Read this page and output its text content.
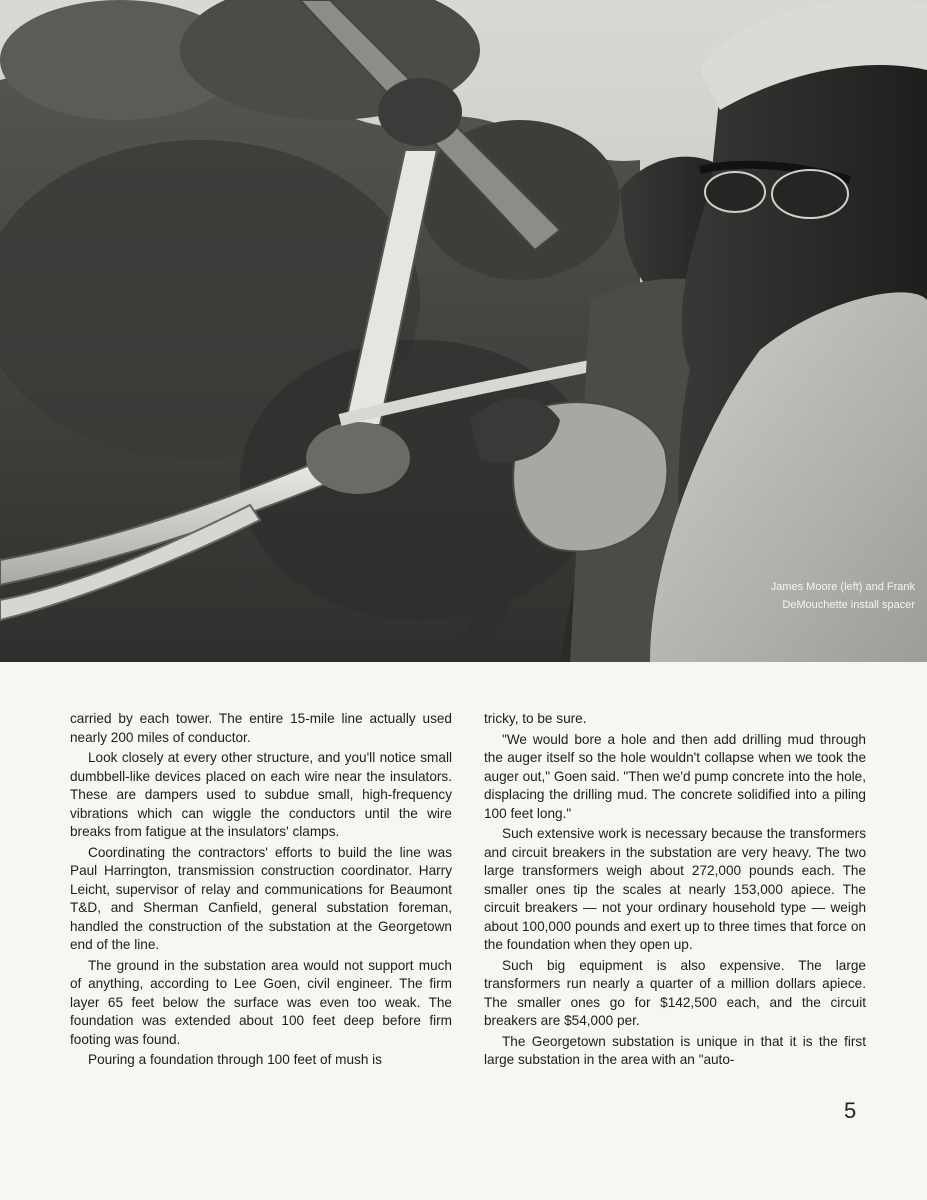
James Moore (left) and Frank
DeMouchette install spacer

carried by each tower. The entire 15-mile line actually used nearly 200 miles of conductor.

Look closely at every other structure, and you'll notice small dumbbell-like devices placed on each wire near the insulators. These are dampers used to subdue small, high-frequency vibrations which can wiggle the conductors until the wire breaks from fatigue at the insulators' clamps.

Coordinating the contractors' efforts to build the line was Paul Harrington, transmission construction coordinator. Harry Leicht, supervisor of relay and communications for Beaumont T&D, and Sherman Canfield, general substation foreman, handled the construction of the substation at the Georgetown end of the line.

The ground in the substation area would not support much of anything, according to Lee Goen, civil engineer. The firm layer 65 feet below the surface was even too weak. The foundation was extended about 100 feet deep before firm footing was found.

Pouring a foundation through 100 feet of mush is

tricky, to be sure.

"We would bore a hole and then add drilling mud through the auger itself so the hole wouldn't collapse when we took the auger out," Goen said. "Then we'd pump concrete into the hole, displacing the drilling mud. The concrete solidified into a piling 100 feet long."

Such extensive work is necessary because the transformers and circuit breakers in the substation are very heavy. The two large transformers weigh about 272,000 pounds each. The smaller ones tip the scales at nearly 153,000 apiece. The circuit breakers — not your ordinary household type — weigh about 100,000 pounds and exert up to three times that force on the foundation when they open up.

Such big equipment is also expensive. The large transformers run nearly a quarter of a million dollars apiece. The smaller ones go for $142,500 each, and the circuit breakers are $54,000 per.

The Georgetown substation is unique in that it is the first large substation in the area with an "auto-

5
